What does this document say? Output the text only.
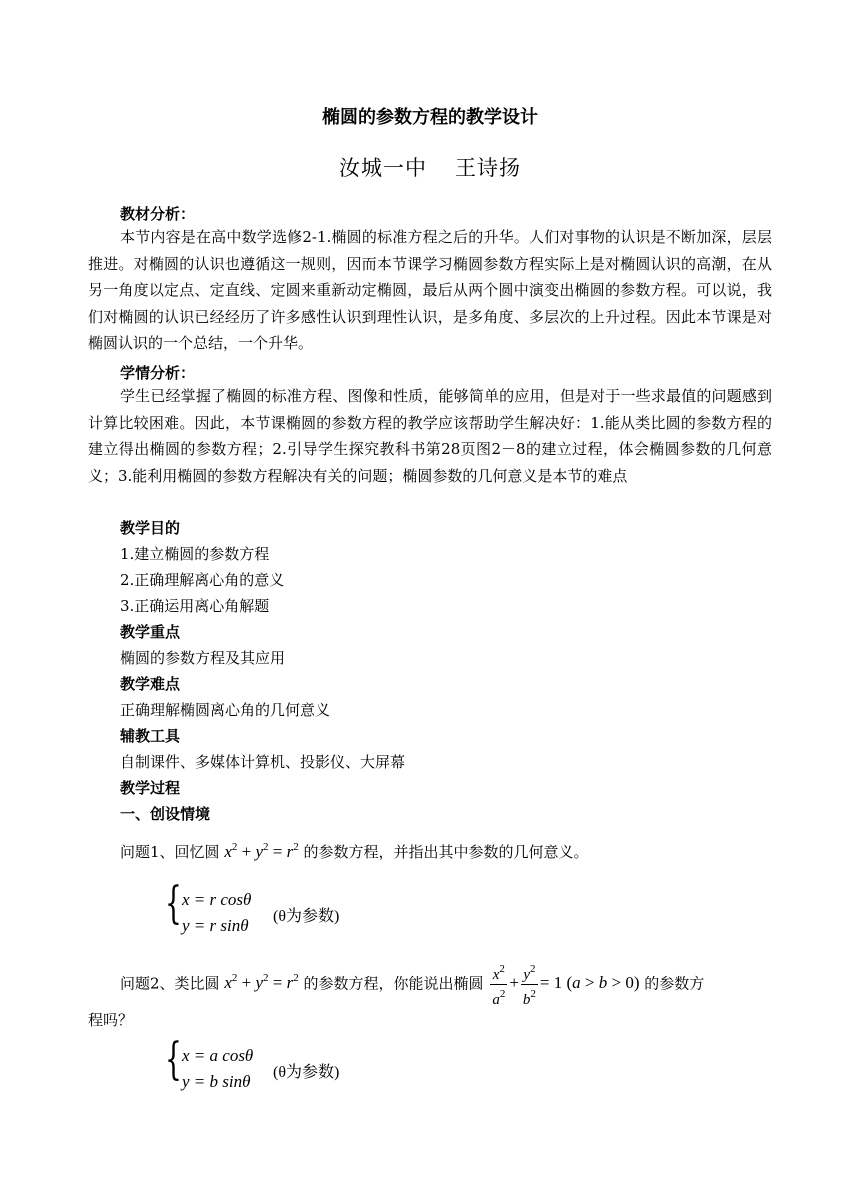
椭圆的参数方程的教学设计
汝城一中 王诗扬
教材分析：
本节内容是在高中数学选修2-1.椭圆的标准方程之后的升华。人们对事物的认识是不断加深，层层推进。对椭圆的认识也遵循这一规则，因而本节课学习椭圆参数方程实际上是对椭圆认识的高潮，在从另一角度以定点、定直线、定圆来重新动定椭圆，最后从两个圆中演变出椭圆的参数方程。可以说，我们对椭圆的认识已经经历了许多感性认识到理性认识，是多角度、多层次的上升过程。因此本节课是对椭圆认识的一个总结，一个升华。
学情分析：
学生已经掌握了椭圆的标准方程、图像和性质，能够简单的应用，但是对于一些求最值的问题感到计算比较困难。因此，本节课椭圆的参数方程的教学应该帮助学生解决好：1.能从类比圆的参数方程的建立得出椭圆的参数方程；2.引导学生探究教科书第28页图2－8的建立过程，体会椭圆参数的几何意义；3.能利用椭圆的参数方程解决有关的问题；椭圆参数的几何意义是本节的难点
教学目的
1.建立椭圆的参数方程
2.正确理解离心角的意义
3.正确运用离心角解题
教学重点
椭圆的参数方程及其应用
教学难点
正确理解椭圆离心角的几何意义
辅教工具
自制课件、多媒体计算机、投影仪、大屏幕
教学过程
一、创设情境
问题1、回忆圆 $x^2 + y^2 = r^2$ 的参数方程，并指出其中参数的几何意义。
{ x = r cosθ
y = r sinθ (θ为参数)
问题2、类比圆 $x^2 + y^2 = r^2$ 的参数方程，你能说出椭圆 $\frac{x^2}{a^2} + \frac{y^2}{b^2} = 1$ (a > b > 0) 的参数方
程吗？
{ x = a cosθ
y = b sinθ (θ为参数)
